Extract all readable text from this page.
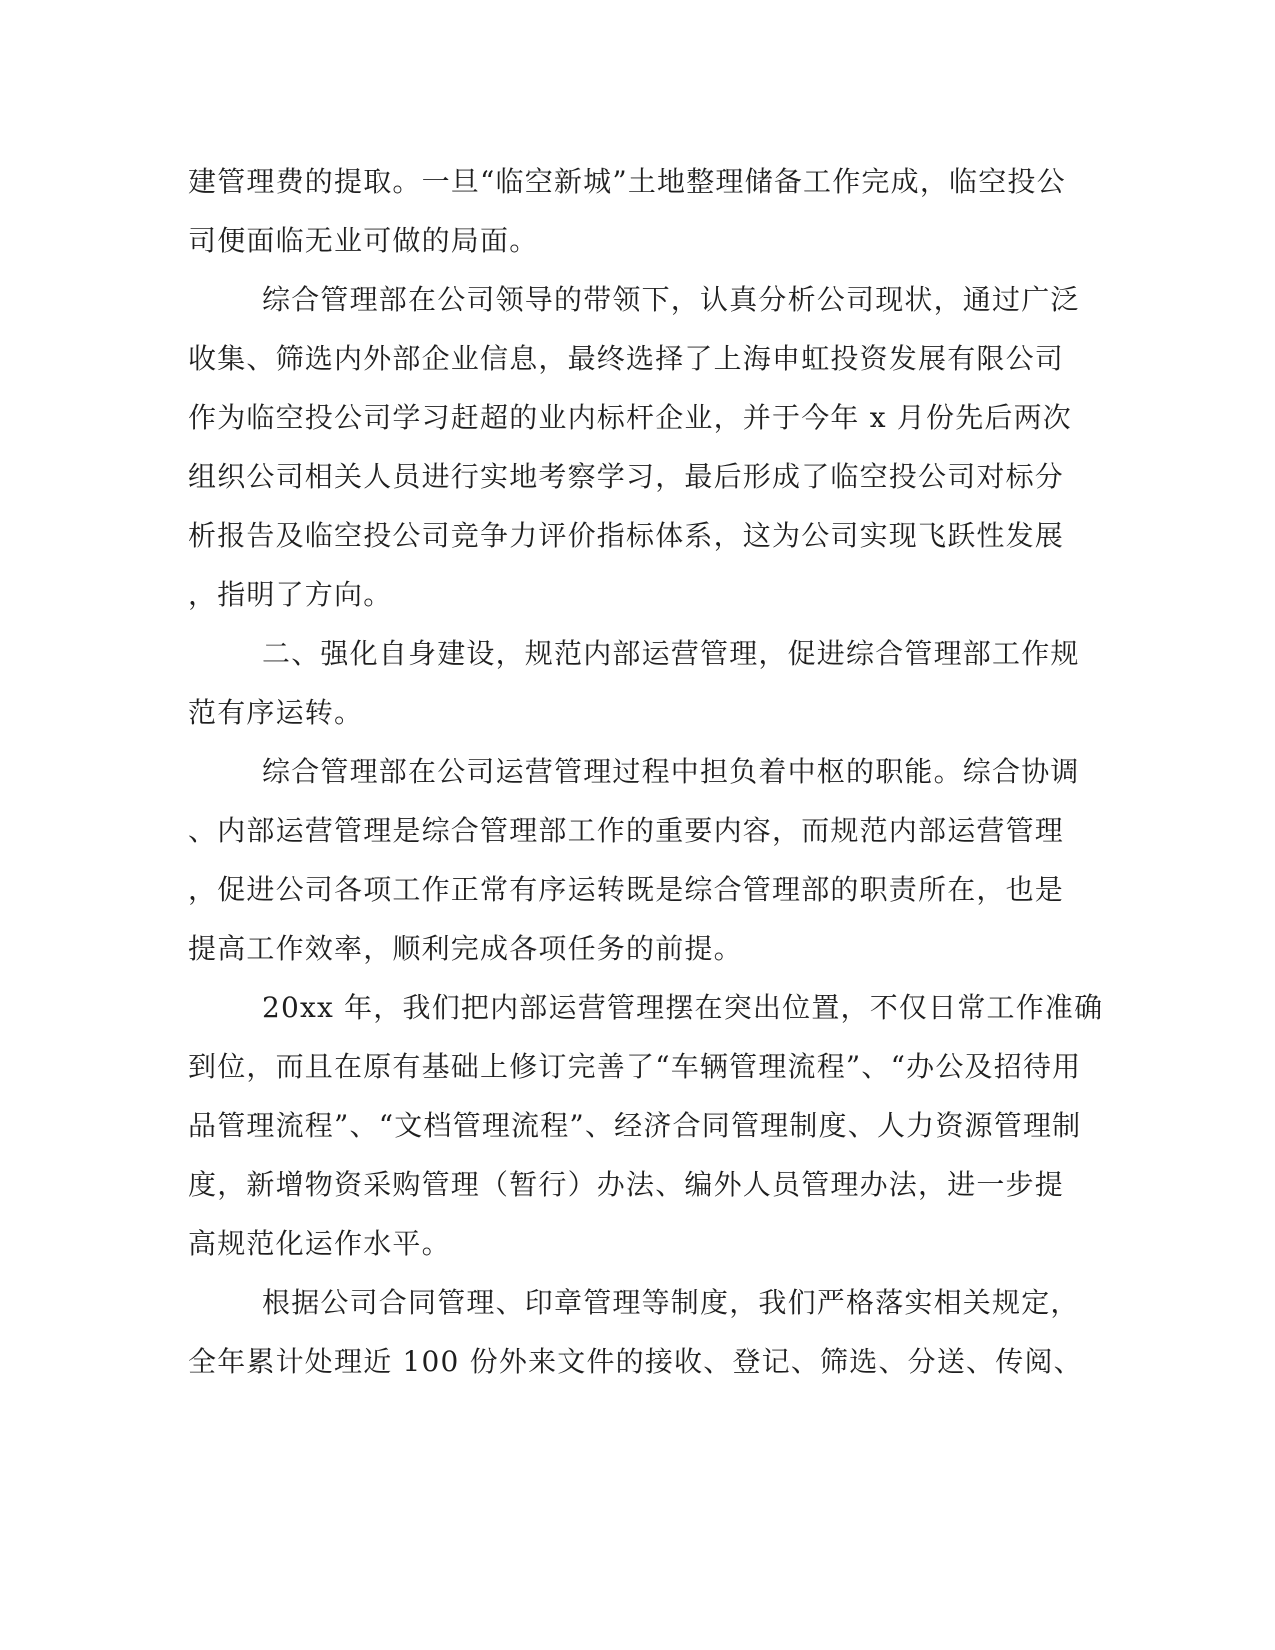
建管理费的提取。一旦“临空新城”土地整理储备工作完成，临空投公
司便面临无业可做的局面。
综合管理部在公司领导的带领下，认真分析公司现状，通过广泛
收集、筛选内外部企业信息，最终选择了上海申虹投资发展有限公司
作为临空投公司学习赶超的业内标杆企业，并于今年 x 月份先后两次
组织公司相关人员进行实地考察学习，最后形成了临空投公司对标分
析报告及临空投公司竞争力评价指标体系，这为公司实现飞跃性发展
，指明了方向。
二、强化自身建设，规范内部运营管理，促进综合管理部工作规
范有序运转。
综合管理部在公司运营管理过程中担负着中枢的职能。综合协调
、内部运营管理是综合管理部工作的重要内容，而规范内部运营管理
，促进公司各项工作正常有序运转既是综合管理部的职责所在，也是
提高工作效率，顺利完成各项任务的前提。
20xx 年，我们把内部运营管理摆在突出位置，不仅日常工作准确
到位，而且在原有基础上修订完善了“车辆管理流程”、“办公及招待用
品管理流程”、“文档管理流程”、经济合同管理制度、人力资源管理制
度，新增物资采购管理（暂行）办法、编外人员管理办法，进一步提
高规范化运作水平。
根据公司合同管理、印章管理等制度，我们严格落实相关规定，
全年累计处理近 100 份外来文件的接收、登记、筛选、分送、传阅、
